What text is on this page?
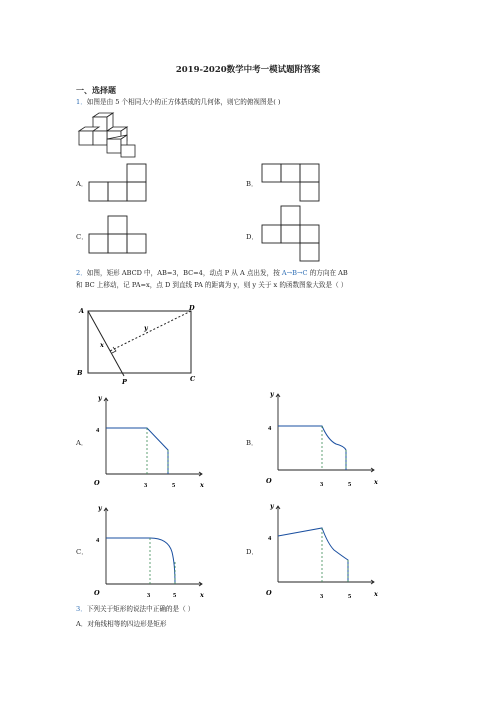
2019-2020数学中考一模试题附答案
一、选择题
1．如图是由 5 个相同大小的正方体搭成的几何体，则它的俯视图是( )
A．	B．
C．	D．
2．如图，矩形 ABCD 中，AB=3，BC=4，动点 P 从 A 点出发，按 A→B→C 的方向在 AB
和 BC 上移动，记 PA=x，点 D 到直线 PA 的距离为 y，则 y 关于 x 的函数图象大致是（ ）
A	D
B
C
P
x
y
A．
y
4
O	3	5	x
B．
y
4
O	3	5	x
C．
y
4
O	3	5	x
D．
y
4
O	3	5	x
3．下列关于矩形的说法中正确的是（ ）
A．对角线相等的四边形是矩形
